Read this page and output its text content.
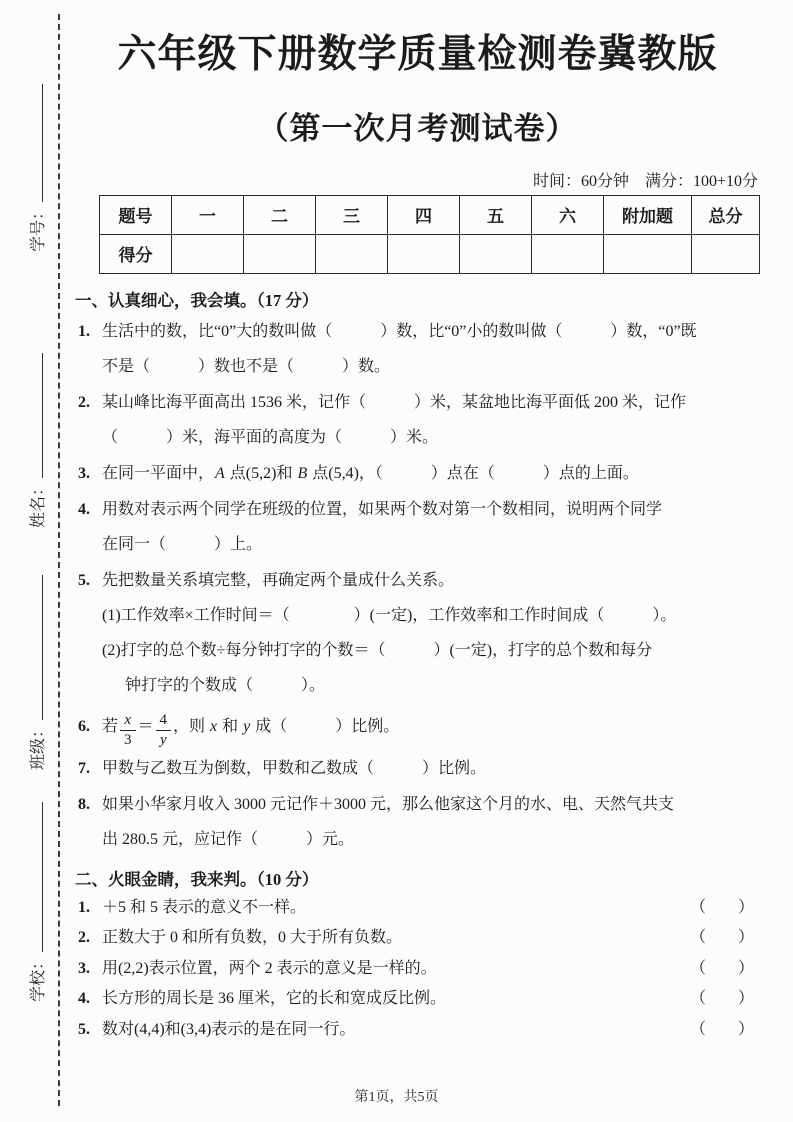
学号：
姓名：
班级：
学校：
六年级下册数学质量检测卷冀教版
（第一次月考测试卷）
时间：60分钟　满分：100+10分
题号	一	二	三	四	五	六	附加题	总分
得分								
一、认真细心，我会填。（17 分）
1. 生活中的数，比“0”大的数叫做（　　　）数，比“0”小的数叫做（　　　）数，“0”既
不是（　　　）数也不是（　　　）数。
2. 某山峰比海平面高出 1536 米，记作（　　　）米，某盆地比海平面低 200 米，记作
（　　　）米，海平面的高度为（　　　）米。
3. 在同一平面中，A 点(5,2)和 B 点(5,4)，（　　　）点在（　　　）点的上面。
4. 用数对表示两个同学在班级的位置，如果两个数对第一个数相同，说明两个同学
在同一（　　　）上。
5. 先把数量关系填完整，再确定两个量成什么关系。
(1)工作效率×工作时间＝（　　　　）(一定)，工作效率和工作时间成（　　　）。
(2)打字的总个数÷每分钟打字的个数＝（　　　）(一定)，打字的总个数和每分
钟打字的个数成（　　　）。
6. 若 $\frac{x}{3} = \frac{4}{y}$ ，则 x 和 y 成（　　　）比例。
7. 甲数与乙数互为倒数，甲数和乙数成（　　　）比例。
8. 如果小华家月收入 3000 元记作＋3000 元，那么他家这个月的水、电、天然气共支
出 280.5 元，应记作（　　　）元。
二、火眼金睛，我来判。（10 分）
1. ＋5 和 5 表示的意义不一样。	（　　）
2. 正数大于 0 和所有负数，0 大于所有负数。	（　　）
3. 用(2,2)表示位置，两个 2 表示的意义是一样的。	（　　）
4. 长方形的周长是 36 厘米，它的长和宽成反比例。	（　　）
5. 数对(4,4)和(3,4)表示的是在同一行。	（　　）
第1页，共5页
